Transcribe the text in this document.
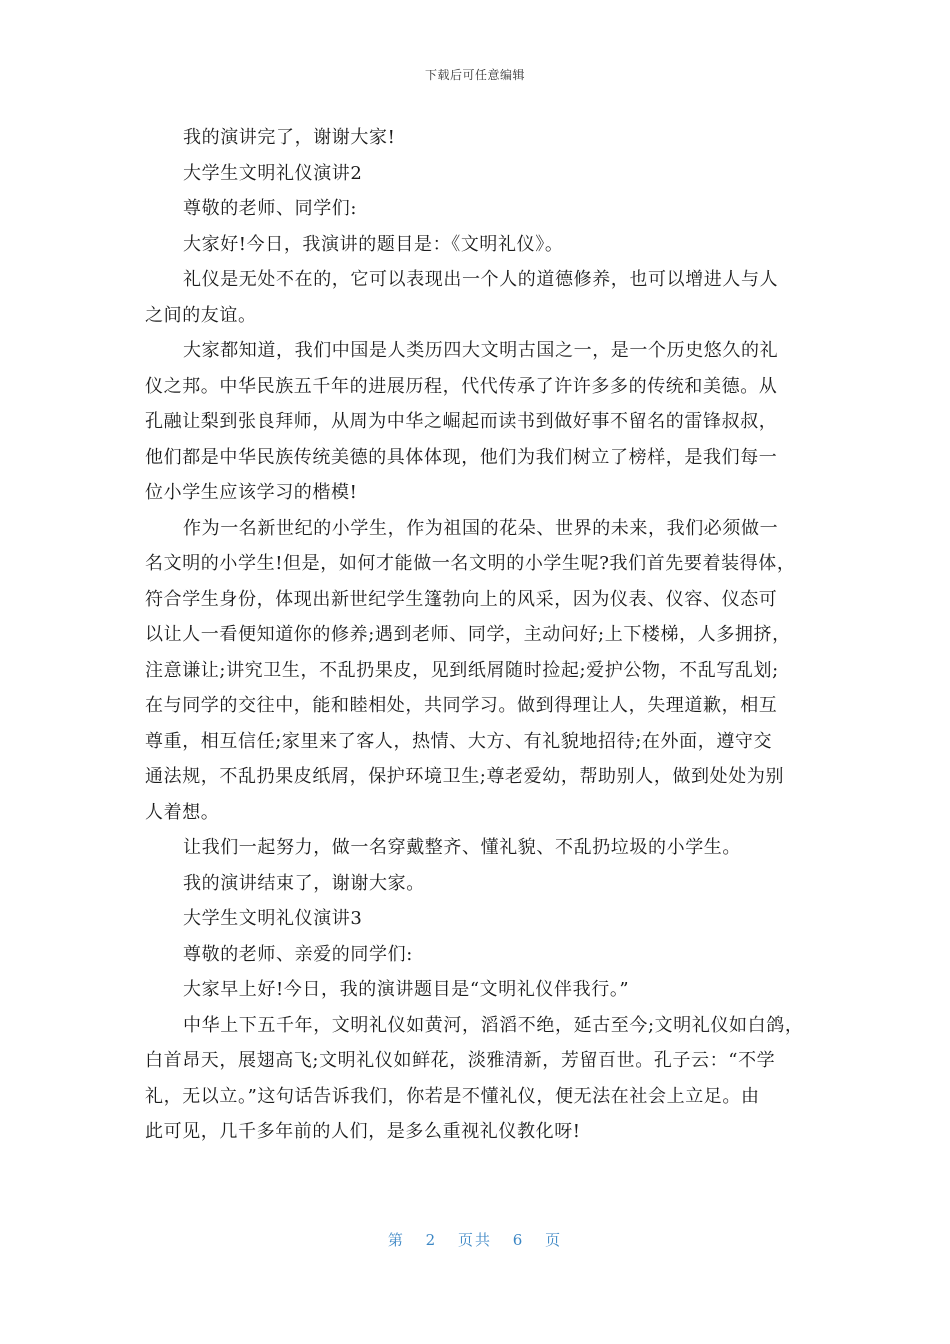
下载后可任意编辑

我的演讲完了，谢谢大家!

大学生文明礼仪演讲2

尊敬的老师、同学们:

大家好!今日，我演讲的题目是：《文明礼仪》。

礼仪是无处不在的，它可以表现出一个人的道德修养，也可以增进人与人
之间的友谊。

大家都知道，我们中国是人类历四大文明古国之一，是一个历史悠久的礼
仪之邦。中华民族五千年的进展历程，代代传承了许许多多的传统和美德。从
孔融让梨到张良拜师，从周为中华之崛起而读书到做好事不留名的雷锋叔叔，
他们都是中华民族传统美德的具体体现，他们为我们树立了榜样，是我们每一
位小学生应该学习的楷模!

作为一名新世纪的小学生，作为祖国的花朵、世界的未来，我们必须做一
名文明的小学生!但是，如何才能做一名文明的小学生呢?我们首先要着装得体，
符合学生身份，体现出新世纪学生篷勃向上的风采，因为仪表、仪容、仪态可
以让人一看便知道你的修养;遇到老师、同学，主动问好;上下楼梯，人多拥挤，
注意谦让;讲究卫生，不乱扔果皮，见到纸屑随时捡起;爱护公物，不乱写乱划;
在与同学的交往中，能和睦相处，共同学习。做到得理让人，失理道歉，相互
尊重，相互信任;家里来了客人，热情、大方、有礼貌地招待;在外面，遵守交
通法规，不乱扔果皮纸屑，保护环境卫生;尊老爱幼，帮助别人，做到处处为别
人着想。

让我们一起努力，做一名穿戴整齐、懂礼貌、不乱扔垃圾的小学生。

我的演讲结束了，谢谢大家。

大学生文明礼仪演讲3

尊敬的老师、亲爱的同学们:

大家早上好!今日，我的演讲题目是“文明礼仪伴我行。”

中华上下五千年，文明礼仪如黄河，滔滔不绝，延古至今;文明礼仪如白鸽，
白首昂天，展翅高飞;文明礼仪如鲜花，淡雅清新，芳留百世。孔子云：“不学
礼，无以立。”这句话告诉我们，你若是不懂礼仪，便无法在社会上立足。由
此可见，几千多年前的人们，是多么重视礼仪教化呀!

第 2 页共 6 页
